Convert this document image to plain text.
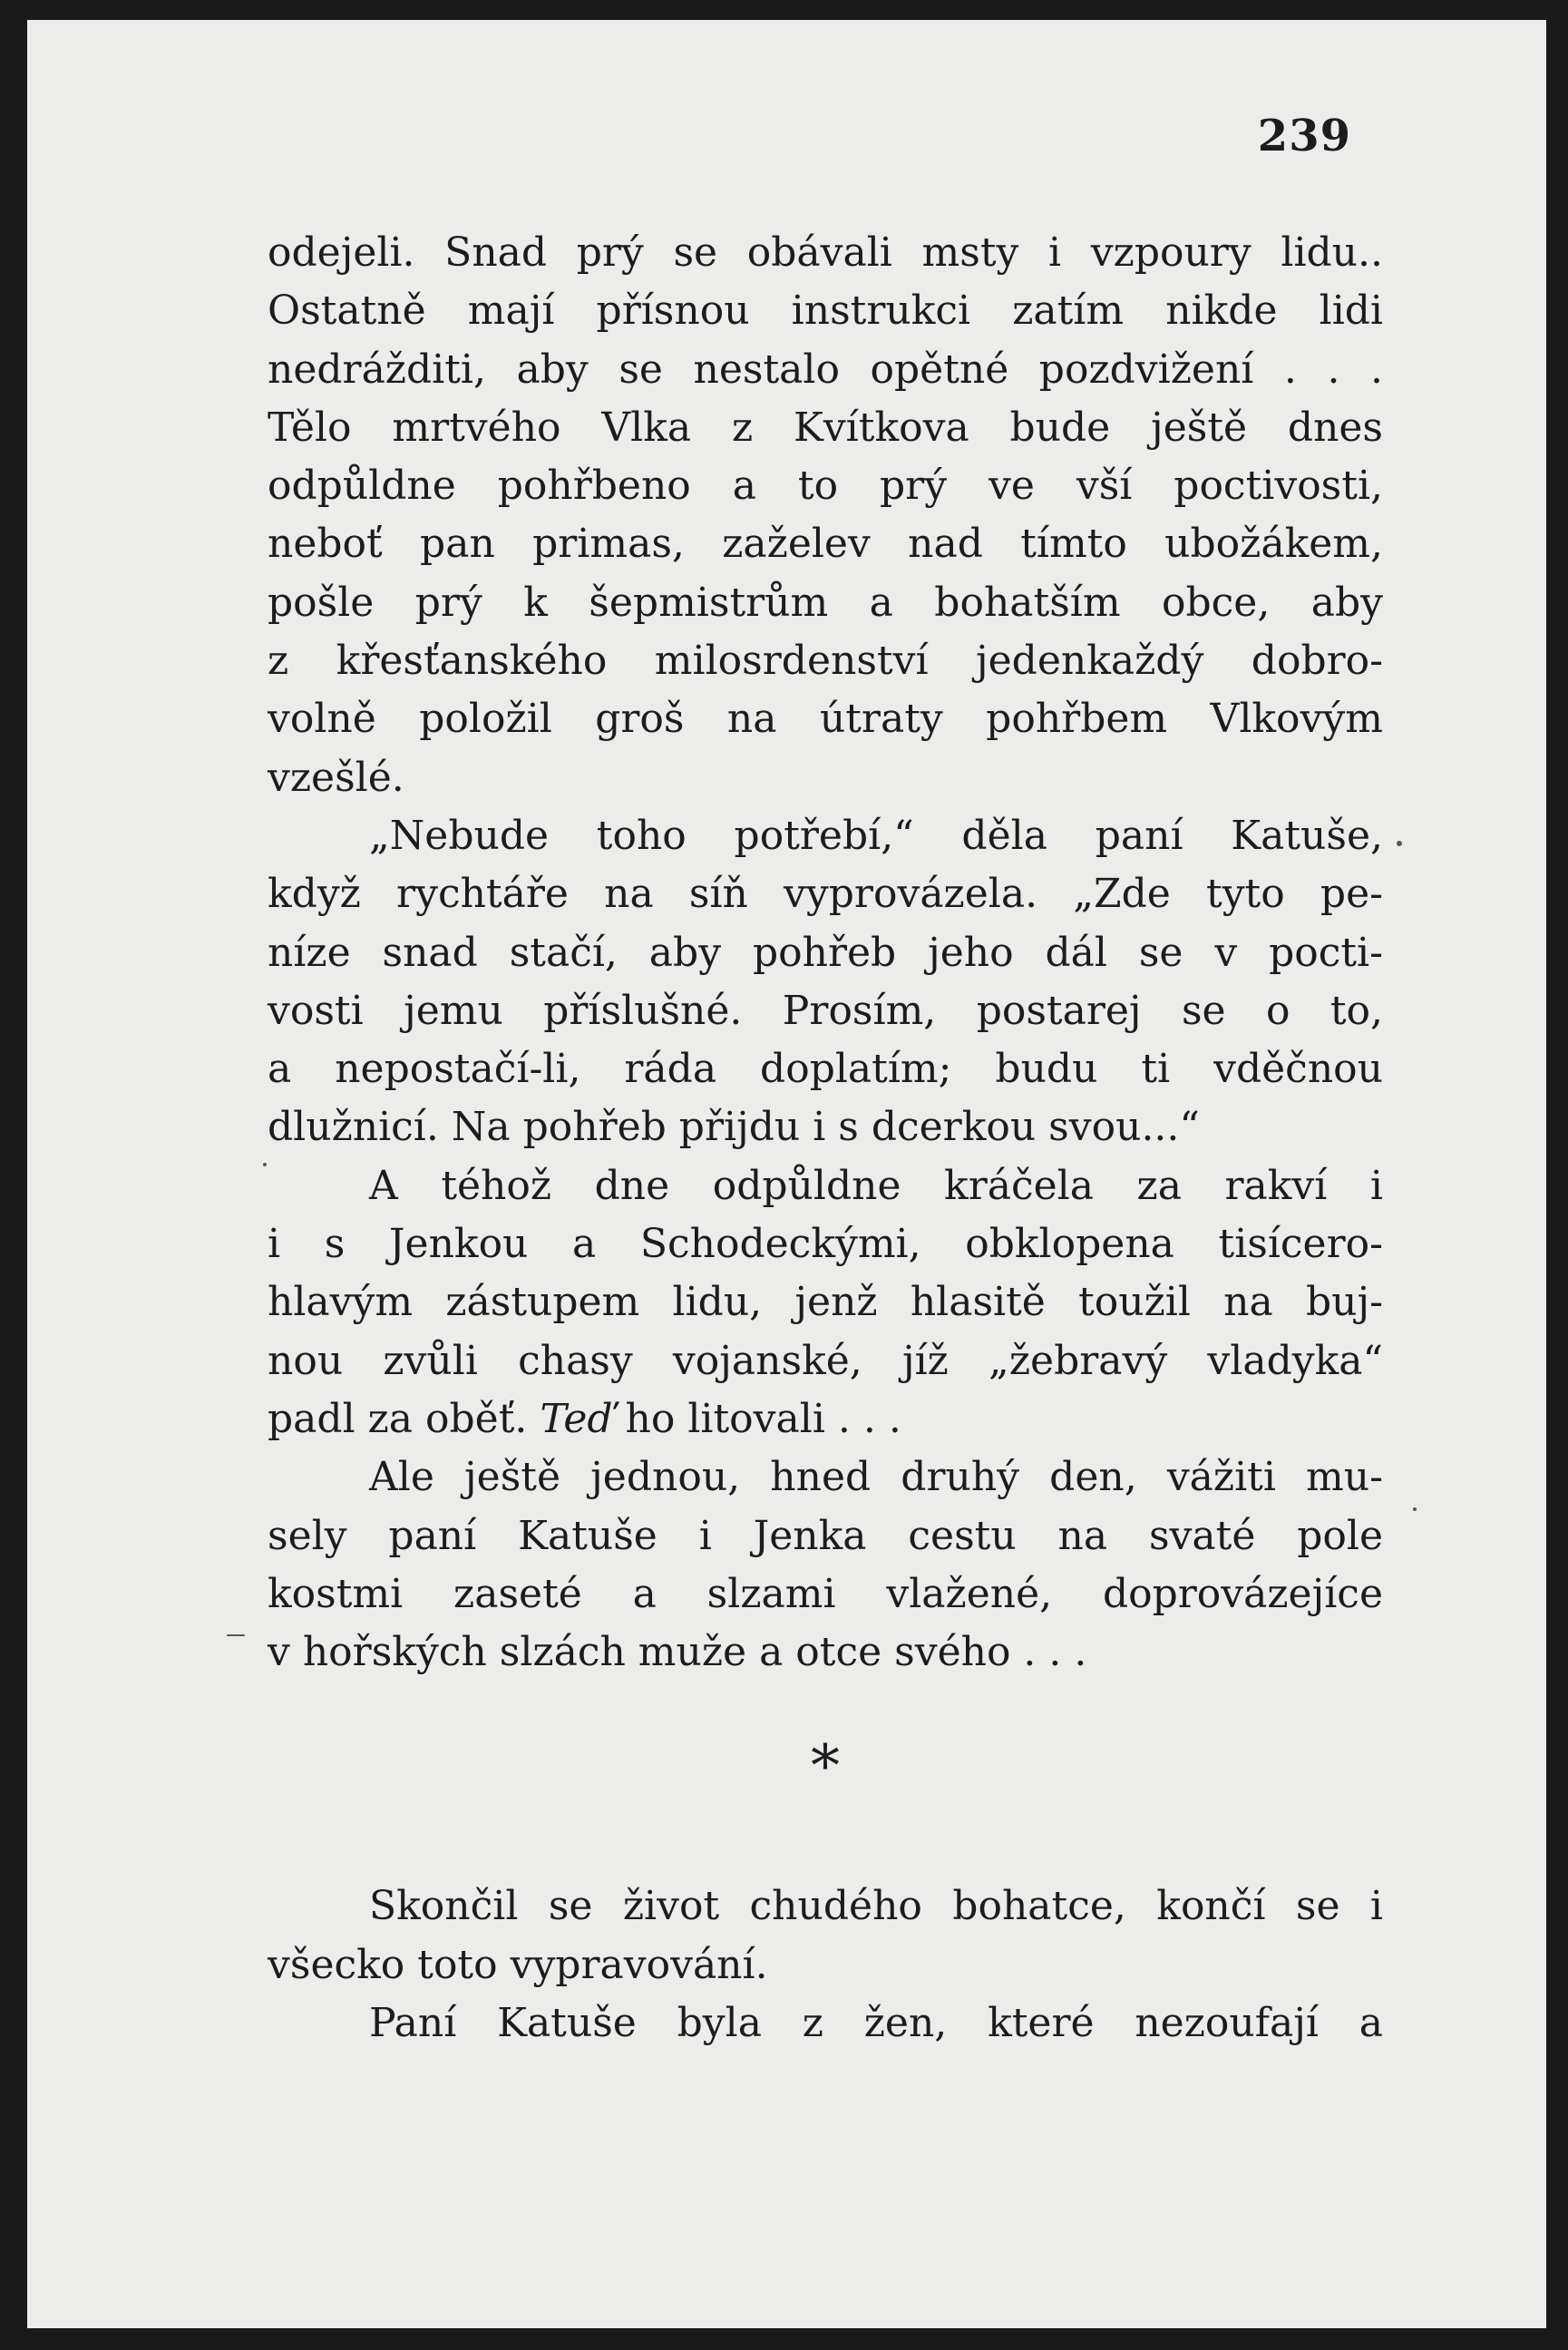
239
odejeli. Snad prý se obávali msty i vzpoury lidu..
Ostatně mají přísnou instrukci zatím nikde lidi
nedrážditi, aby se nestalo opětné pozdvižení . . .
Tělo mrtvého Vlka z Kvítkova bude ještě dnes
odpůldne pohřbeno a to prý ve vší poctivosti,
neboť pan primas, zaželev nad tímto ubožákem,
pošle prý k šepmistrům a bohatším obce, aby
z křesťanského milosrdenství jedenkaždý dobro-
volně položil groš na útraty pohřbem Vlkovým
vzešlé.
„Nebude toho potřebí,“ děla paní Katuše,
když rychtáře na síň vyprovázela. „Zde tyto pe-
níze snad stačí, aby pohřeb jeho dál se v pocti-
vosti jemu příslušné. Prosím, postarej se o to,
a nepostačí-li, ráda doplatím; budu ti vděčnou
dlužnicí. Na pohřeb přijdu i s dcerkou svou...“
A téhož dne odpůldne kráčela za rakví i
i s Jenkou a Schodeckými, obklopena tisícero-
hlavým zástupem lidu, jenž hlasitě toužil na buj-
nou zvůli chasy vojanské, jíž „žebravý vladyka“
padl za oběť. Teď ho litovali . . .
Ale ještě jednou, hned druhý den, vážiti mu-
sely paní Katuše i Jenka cestu na svaté pole
kostmi zaseté a slzami vlažené, doprovázejíce
v hořských slzách muže a otce svého . . .
*
Skončil se život chudého bohatce, končí se i
všecko toto vypravování.
Paní Katuše byla z žen, které nezoufají a
